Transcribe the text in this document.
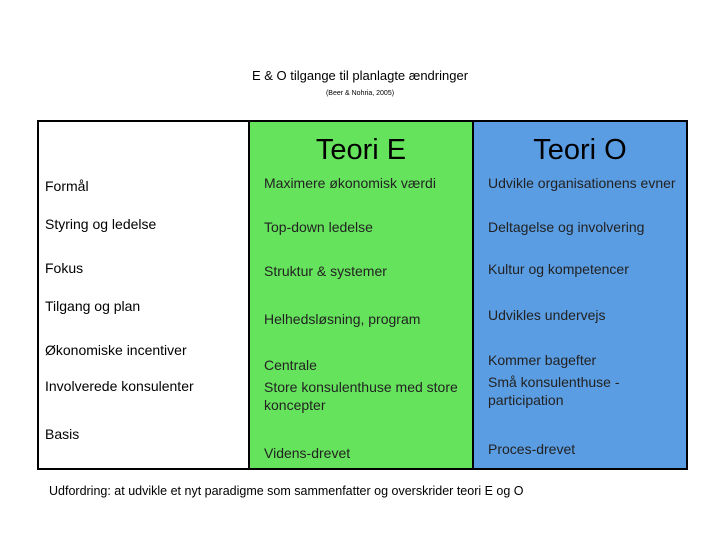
E & O tilgange til planlagte ændringer
(Beer & Nohria, 2005)
Formål
Styring og ledelse
Fokus
Tilgang og plan
Økonomiske incentiver
Involverede konsulenter
Basis
Teori E
Maximere økonomisk værdi
Top-down ledelse
Struktur & systemer
Helhedsløsning, program
Centrale
Store konsulenthuse med store koncepter
Videns-drevet
Teori O
Udvikle organisationens evner
Deltagelse og involvering
Kultur og kompetencer
Udvikles undervejs
Kommer bagefter
Små konsulenthuse - participation
Proces-drevet
Udfordring: at udvikle et nyt paradigme som sammenfatter og overskrider teori E og O
